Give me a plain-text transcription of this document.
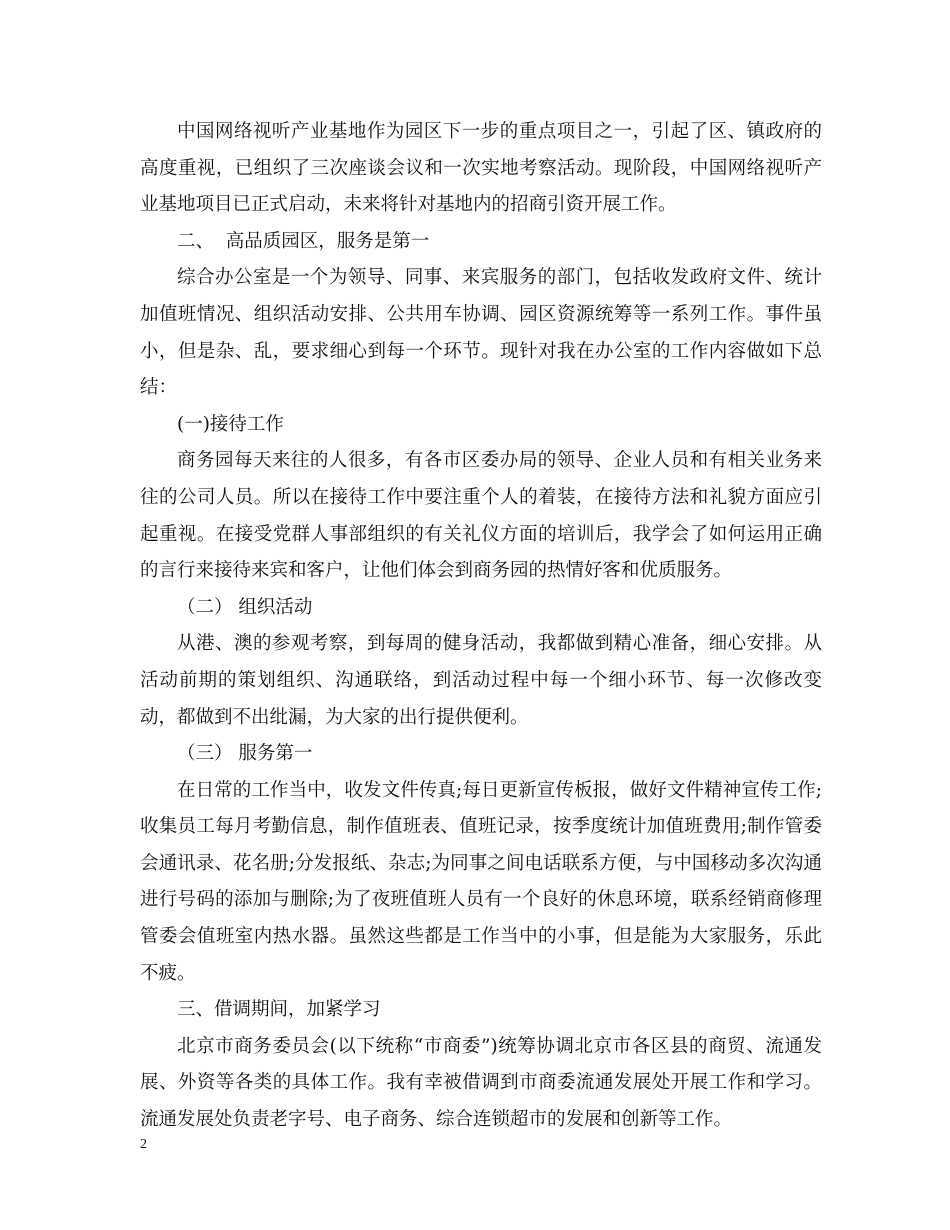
中国网络视听产业基地作为园区下一步的重点项目之一，引起了区、镇政府的高度重视，已组织了三次座谈会议和一次实地考察活动。现阶段，中国网络视听产业基地项目已正式启动，未来将针对基地内的招商引资开展工作。

二、  高品质园区，服务是第一

综合办公室是一个为领导、同事、来宾服务的部门，包括收发政府文件、统计加值班情况、组织活动安排、公共用车协调、园区资源统筹等一系列工作。事件虽小，但是杂、乱，要求细心到每一个环节。现针对我在办公室的工作内容做如下总结：

(一)接待工作

商务园每天来往的人很多，有各市区委办局的领导、企业人员和有相关业务来往的公司人员。所以在接待工作中要注重个人的着装，在接待方法和礼貌方面应引起重视。在接受党群人事部组织的有关礼仪方面的培训后，我学会了如何运用正确的言行来接待来宾和客户，让他们体会到商务园的热情好客和优质服务。

（二） 组织活动

从港、澳的参观考察，到每周的健身活动，我都做到精心准备，细心安排。从活动前期的策划组织、沟通联络，到活动过程中每一个细小环节、每一次修改变动，都做到不出纰漏，为大家的出行提供便利。

（三） 服务第一

在日常的工作当中，收发文件传真;每日更新宣传板报，做好文件精神宣传工作;收集员工每月考勤信息，制作值班表、值班记录，按季度统计加值班费用;制作管委会通讯录、花名册;分发报纸、杂志;为同事之间电话联系方便，与中国移动多次沟通进行号码的添加与删除;为了夜班值班人员有一个良好的休息环境，联系经销商修理管委会值班室内热水器。虽然这些都是工作当中的小事，但是能为大家服务，乐此不疲。

三、借调期间，加紧学习

北京市商务委员会(以下统称“市商委”)统筹协调北京市各区县的商贸、流通发展、外资等各类的具体工作。我有幸被借调到市商委流通发展处开展工作和学习。流通发展处负责老字号、电子商务、综合连锁超市的发展和创新等工作。

2
